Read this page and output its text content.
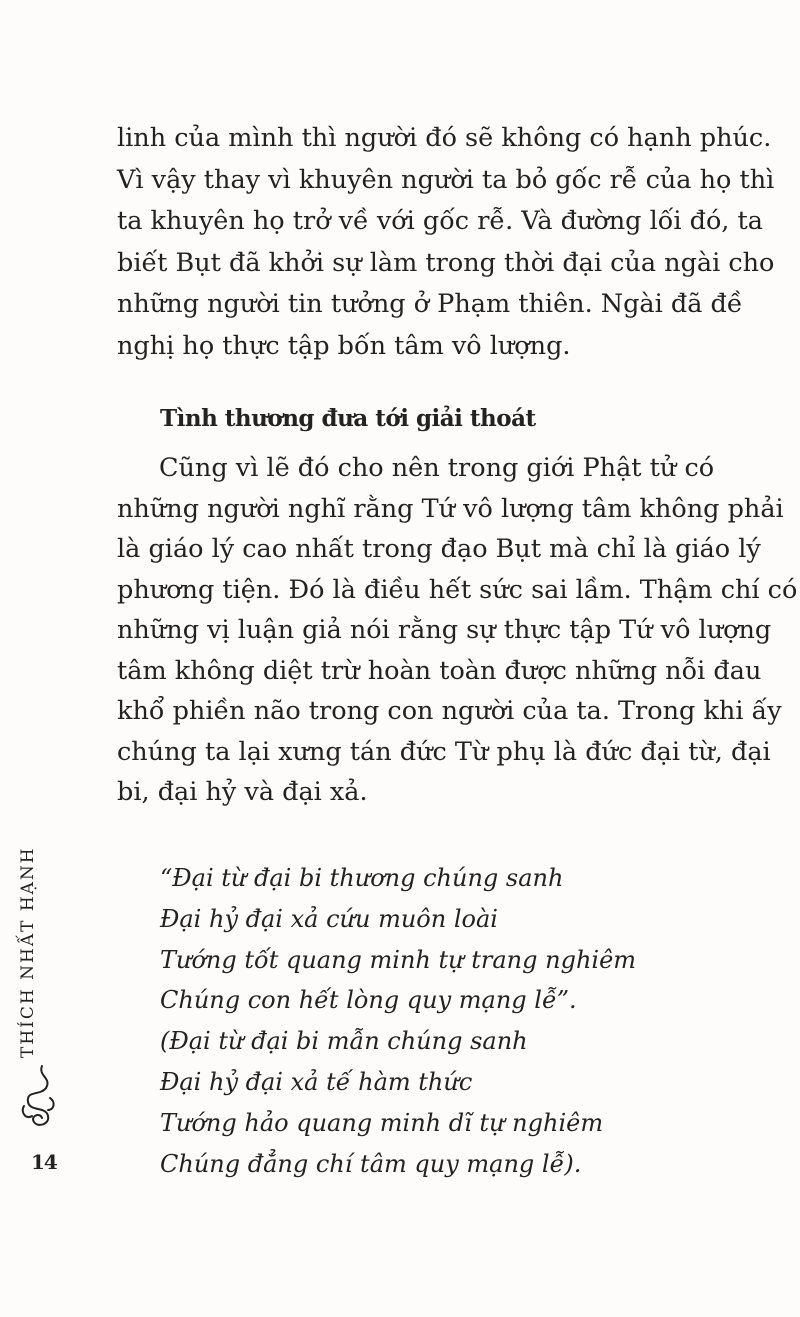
linh của mình thì người đó sẽ không có hạnh phúc.
Vì vậy thay vì khuyên người ta bỏ gốc rễ của họ thì
ta khuyên họ trở về với gốc rễ. Và đường lối đó, ta
biết Bụt đã khởi sự làm trong thời đại của ngài cho
những người tin tưởng ở Phạm thiên. Ngài đã đề
nghị họ thực tập bốn tâm vô lượng.
Tình thương đưa tới giải thoát
Cũng vì lẽ đó cho nên trong giới Phật tử có
những người nghĩ rằng Tứ vô lượng tâm không phải
là giáo lý cao nhất trong đạo Bụt mà chỉ là giáo lý
phương tiện. Đó là điều hết sức sai lầm. Thậm chí có
những vị luận giả nói rằng sự thực tập Tứ vô lượng
tâm không diệt trừ hoàn toàn được những nỗi đau
khổ phiền não trong con người của ta. Trong khi ấy
chúng ta lại xưng tán đức Từ phụ là đức đại từ, đại
bi, đại hỷ và đại xả.
“Đại từ đại bi thương chúng sanh
Đại hỷ đại xả cứu muôn loài
Tướng tốt quang minh tự trang nghiêm
Chúng con hết lòng quy mạng lễ”.
(Đại từ đại bi mẫn chúng sanh
Đại hỷ đại xả tế hàm thức
Tướng hảo quang minh dĩ tự nghiêm
Chúng đẳng chí tâm quy mạng lễ).
THÍCH NHẤT HẠNH
14
